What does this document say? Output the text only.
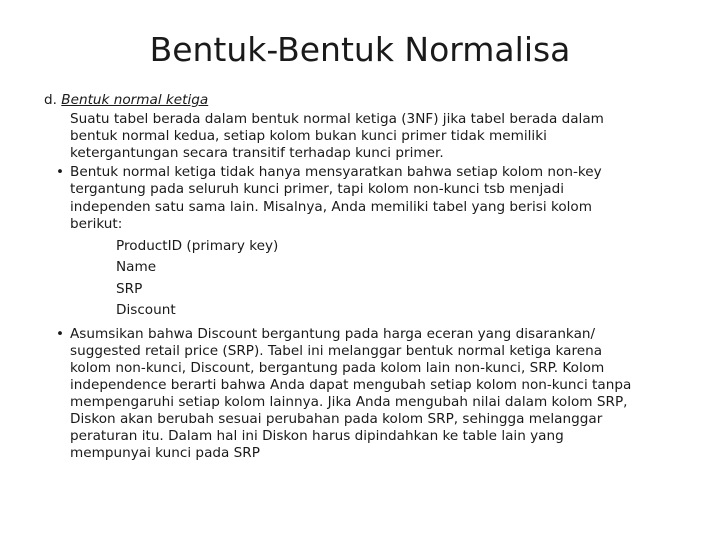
Bentuk-Bentuk Normalisa
d. Bentuk normal ketiga
Suatu tabel berada dalam bentuk normal ketiga (3NF) jika tabel berada dalam
bentuk normal kedua, setiap kolom bukan kunci primer tidak memiliki
ketergantungan secara transitif terhadap kunci primer.
• Bentuk normal ketiga tidak hanya mensyaratkan bahwa setiap kolom non-key
tergantung pada seluruh kunci primer, tapi kolom non-kunci tsb menjadi
independen satu sama lain. Misalnya, Anda memiliki tabel yang berisi kolom
berikut:
ProductID (primary key)
Name
SRP
Discount
• Asumsikan bahwa Discount bergantung pada harga eceran yang disarankan/
suggested retail price (SRP). Tabel ini melanggar bentuk normal ketiga karena
kolom non-kunci, Discount, bergantung pada kolom lain non-kunci, SRP. Kolom
independence berarti bahwa Anda dapat mengubah setiap kolom non-kunci tanpa
mempengaruhi setiap kolom lainnya. Jika Anda mengubah nilai dalam kolom SRP,
Diskon akan berubah sesuai perubahan pada kolom SRP, sehingga melanggar
peraturan itu. Dalam hal ini Diskon harus dipindahkan ke table lain yang
mempunyai kunci pada SRP
